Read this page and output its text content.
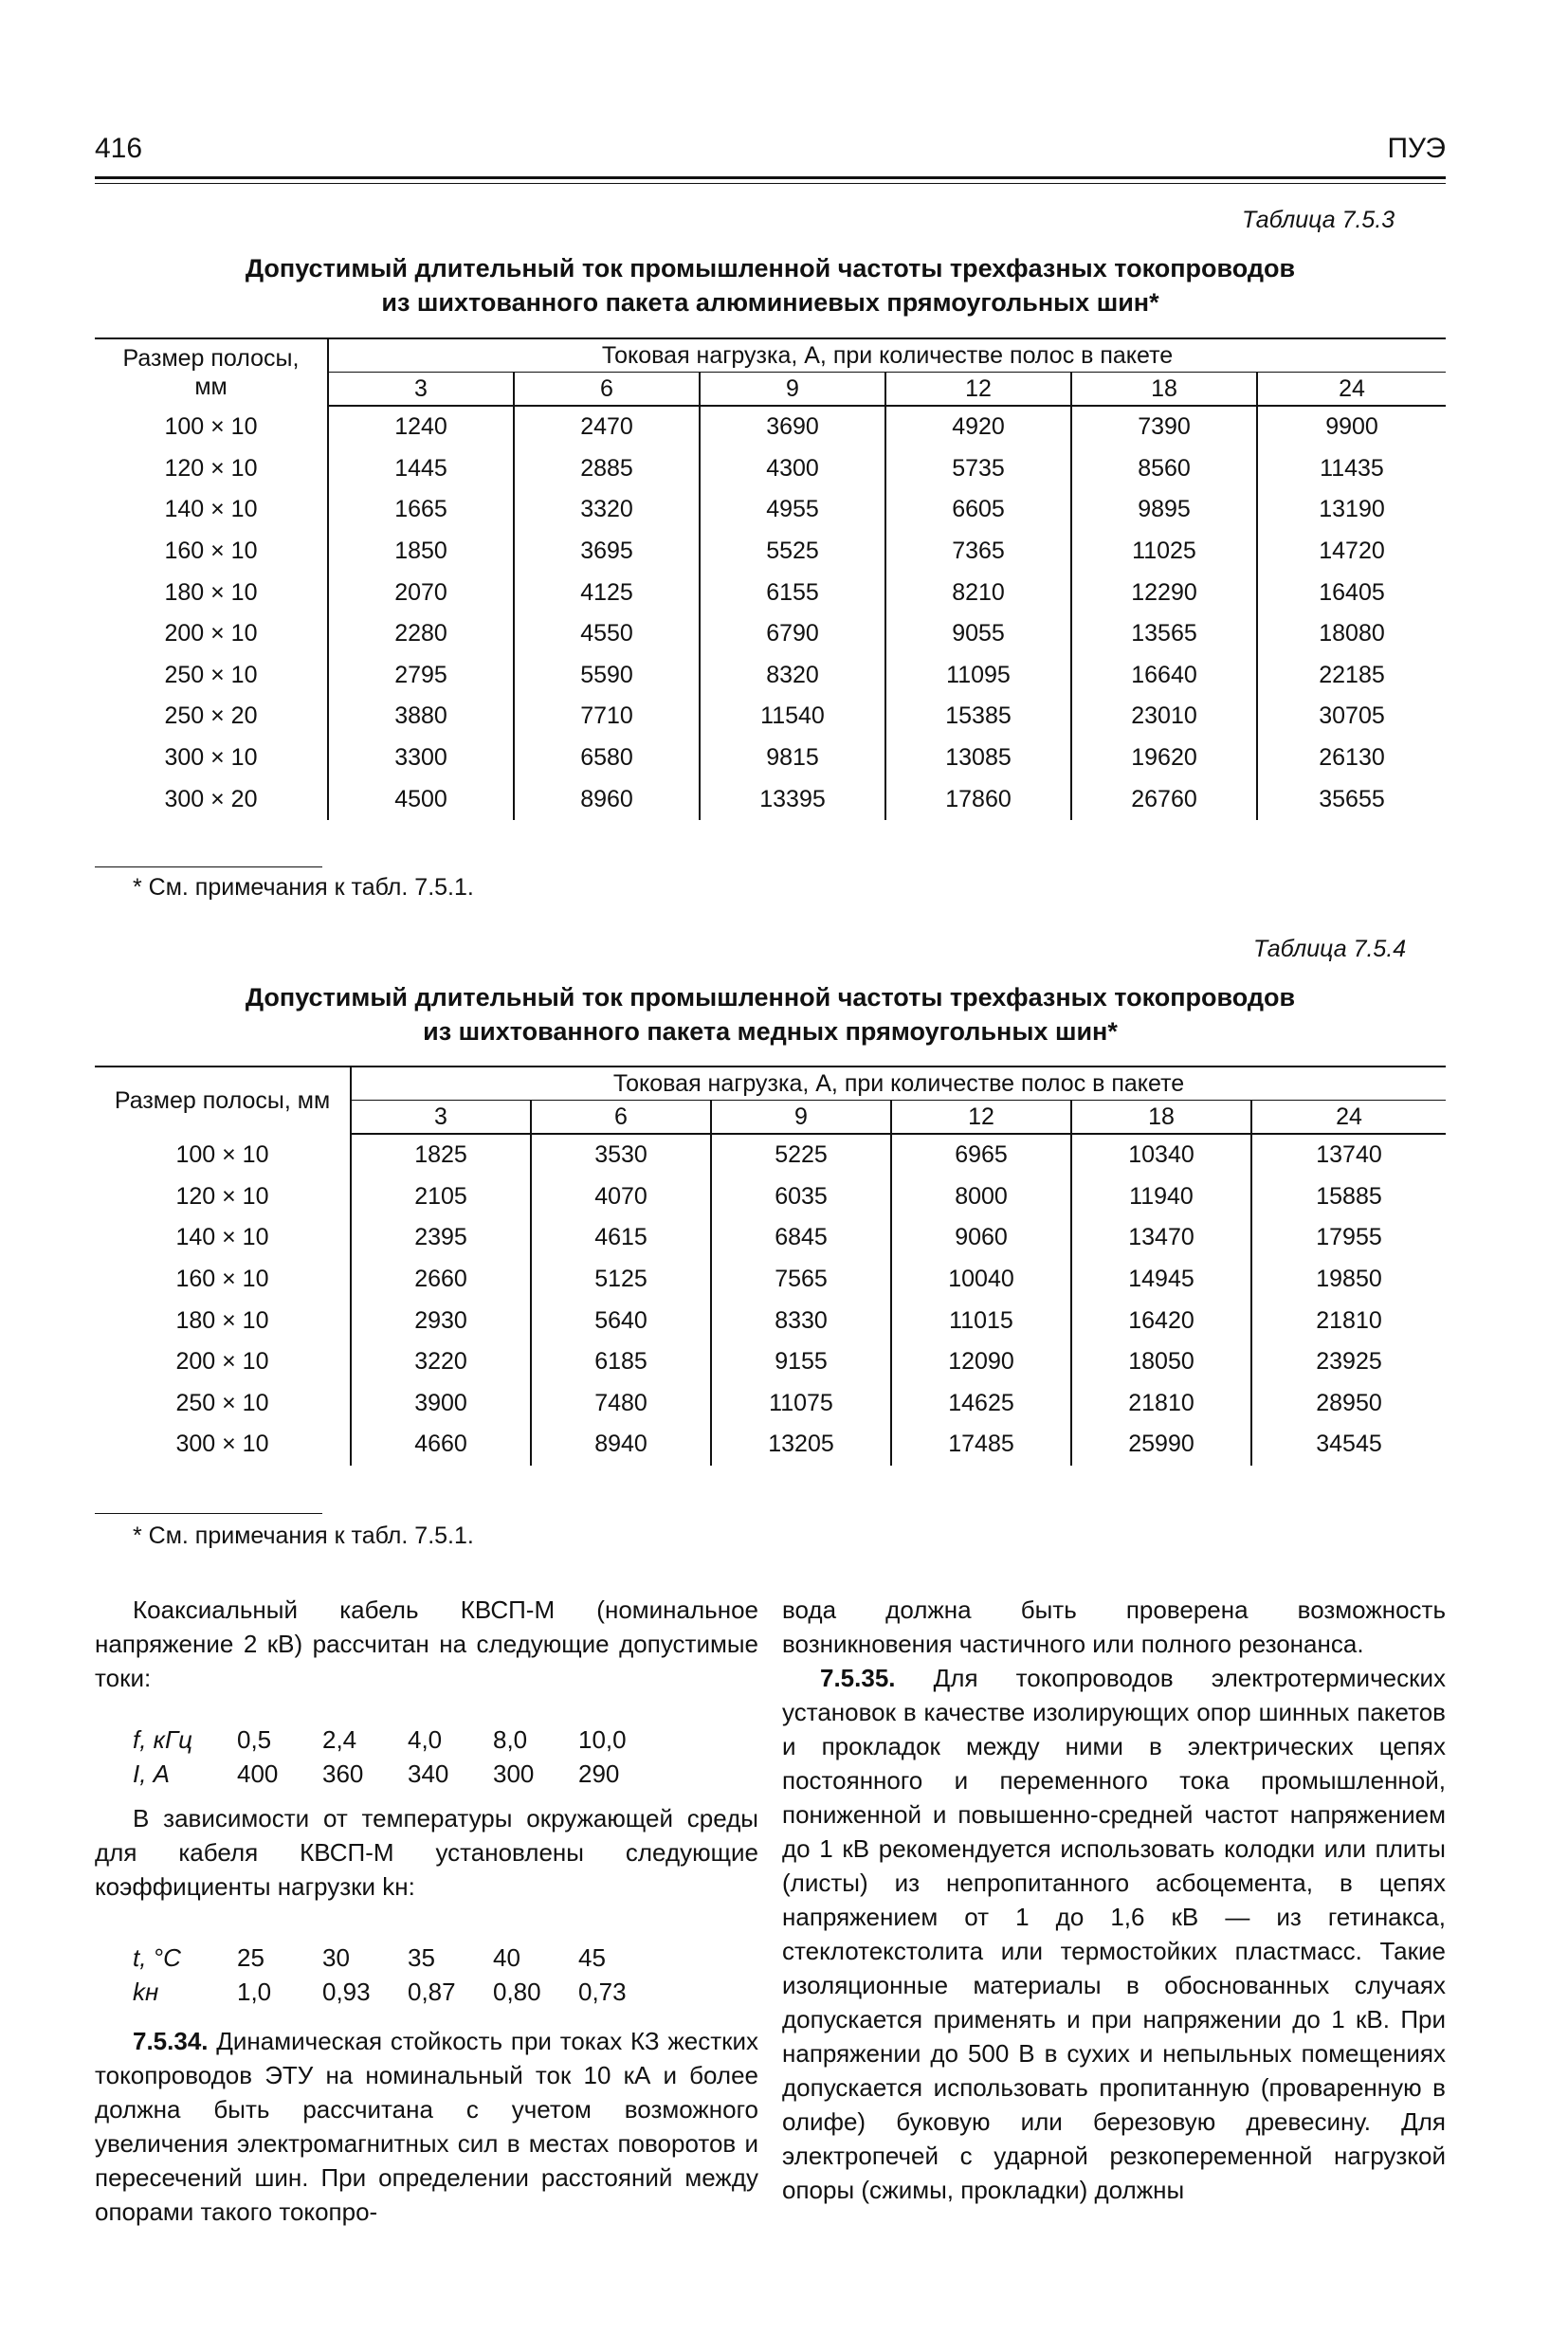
416	ПУЭ
Таблица 7.5.3
Допустимый длительный ток промышленной частоты трехфазных токопроводов
из шихтованного пакета алюминиевых прямоугольных шин*
Размер полосы,
мм	Токовая нагрузка, А, при количестве полос в пакете					
	3	6	9	12	18	24
100 × 10	1240	2470	3690	4920	7390	9900
120 × 10	1445	2885	4300	5735	8560	11435
140 × 10	1665	3320	4955	6605	9895	13190
160 × 10	1850	3695	5525	7365	11025	14720
180 × 10	2070	4125	6155	8210	12290	16405
200 × 10	2280	4550	6790	9055	13565	18080
250 × 10	2795	5590	8320	11095	16640	22185
250 × 20	3880	7710	11540	15385	23010	30705
300 × 10	3300	6580	9815	13085	19620	26130
300 × 20	4500	8960	13395	17860	26760	35655
* См. примечания к табл. 7.5.1.
Таблица 7.5.4
Допустимый длительный ток промышленной частоты трехфазных токопроводов
из шихтованного пакета медных прямоугольных шин*
Размер полосы, мм	Токовая нагрузка, А, при количестве полос в пакете					
	3	6	9	12	18	24
100 × 10	1825	3530	5225	6965	10340	13740
120 × 10	2105	4070	6035	8000	11940	15885
140 × 10	2395	4615	6845	9060	13470	17955
160 × 10	2660	5125	7565	10040	14945	19850
180 × 10	2930	5640	8330	11015	16420	21810
200 × 10	3220	6185	9155	12090	18050	23925
250 × 10	3900	7480	11075	14625	21810	28950
300 × 10	4660	8940	13205	17485	25990	34545
* См. примечания к табл. 7.5.1.

Коаксиальный кабель КВСП-М (номинальное напряжение 2 кВ) рассчитан на следующие допустимые токи:

f, кГц 0,5 2,4 4,0 8,0 10,0
I, А	400 360 340 300 290

В зависимости от температуры окружающей среды для кабеля КВСП-М установлены следующие коэффициенты нагрузки kн:

t, °C 25 30 35 40 45
kн	1,0 0,93 0,87 0,80 0,73

7.5.34. Динамическая стойкость при токах КЗ жестких токопроводов ЭТУ на номинальный ток 10 кА и более должна быть рассчитана с учетом возможного увеличения электромагнитных сил в местах поворотов и пересечений шин. При определении расстояний между опорами такого токопро-

вода должна быть проверена возможность возникновения частичного или полного резонанса.

7.5.35. Для токопроводов электротермических установок в качестве изолирующих опор шинных пакетов и прокладок между ними в электрических цепях постоянного и переменного тока промышленной, пониженной и повышенно-средней частот напряжением до 1 кВ рекомендуется использовать колодки или плиты (листы) из непропитанного асбоцемента, в цепях напряжением от 1 до 1,6 кВ — из гетинакса, стеклотекстолита или термостойких пластмасс. Такие изоляционные материалы в обоснованных случаях допускается применять и при напряжении до 1 кВ. При напряжении до 500 В в сухих и непыльных помещениях допускается использовать пропитанную (проваренную в олифе) буковую или березовую древесину. Для электропечей с ударной резкопеременной нагрузкой опоры (сжимы, прокладки) должны
